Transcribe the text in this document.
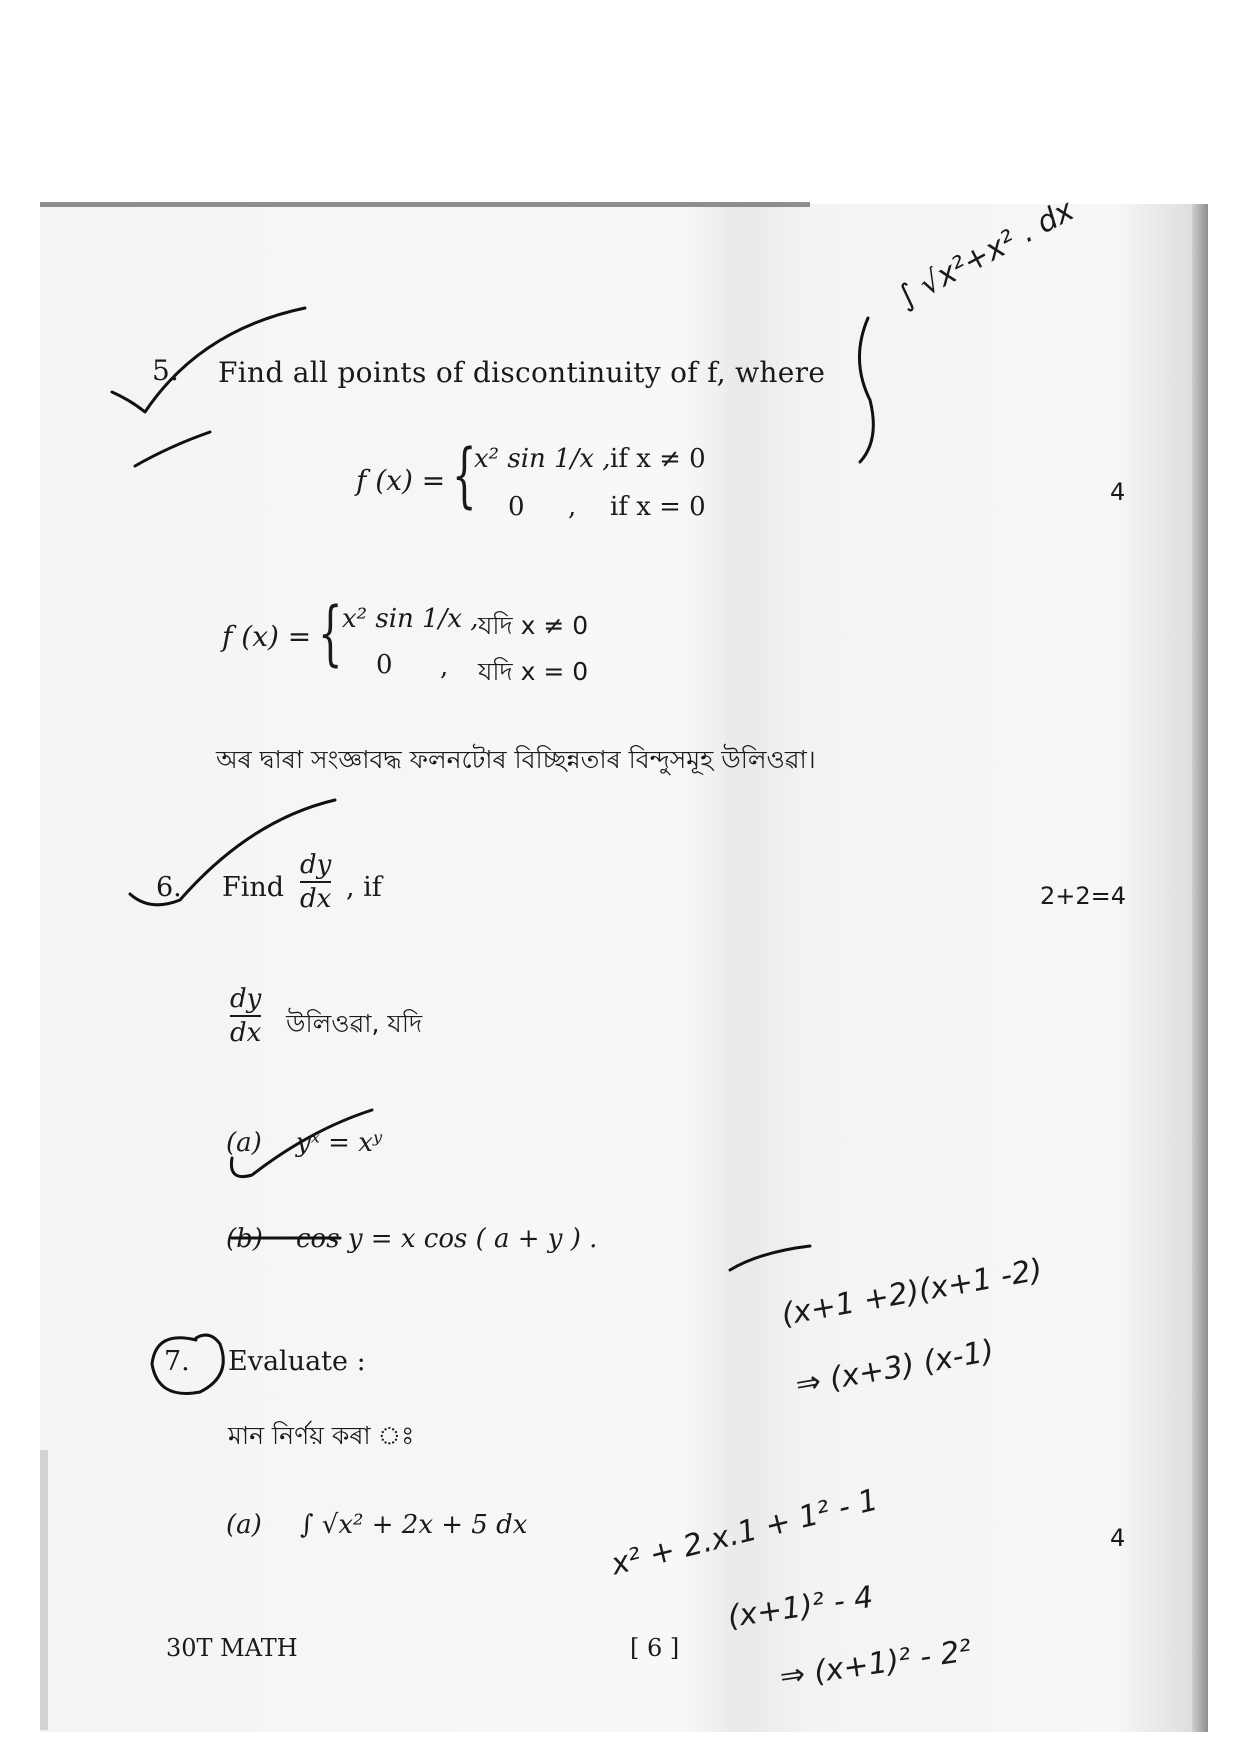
5. Find all points of discontinuity of f, where
4
f (x) = {
x² sin 1/x , if x ≠ 0
0 , if x = 0
f (x) = { x² sin 1/x , যদি x ≠ 0
0 , যদি x = 0
অৰ দ্বাৰা সংজ্ঞাবদ্ধ ফলনটোৰ বিচ্ছিন্নতাৰ বিন্দুসমূহ উলিওৱা।
6. Find
dy
dx , if	2+2=4
dy
dx উলিওৱা, যদি
(a) yˣ = xʸ
(b) cos y = x cos ( a + y ) .
7. Evaluate :
মান নিৰ্ণয় কৰা ঃ
(a) ∫ √x² + 2x + 5 dx	4
30T MATH	[ 6 ]
∫ √x²+x² . dx
(x+1 +2)(x+1 -2)
⇒ (x+3) (x-1)
x² + 2.x.1 + 1² - 1
(x+1)² - 4
⇒ (x+1)² - 2²
